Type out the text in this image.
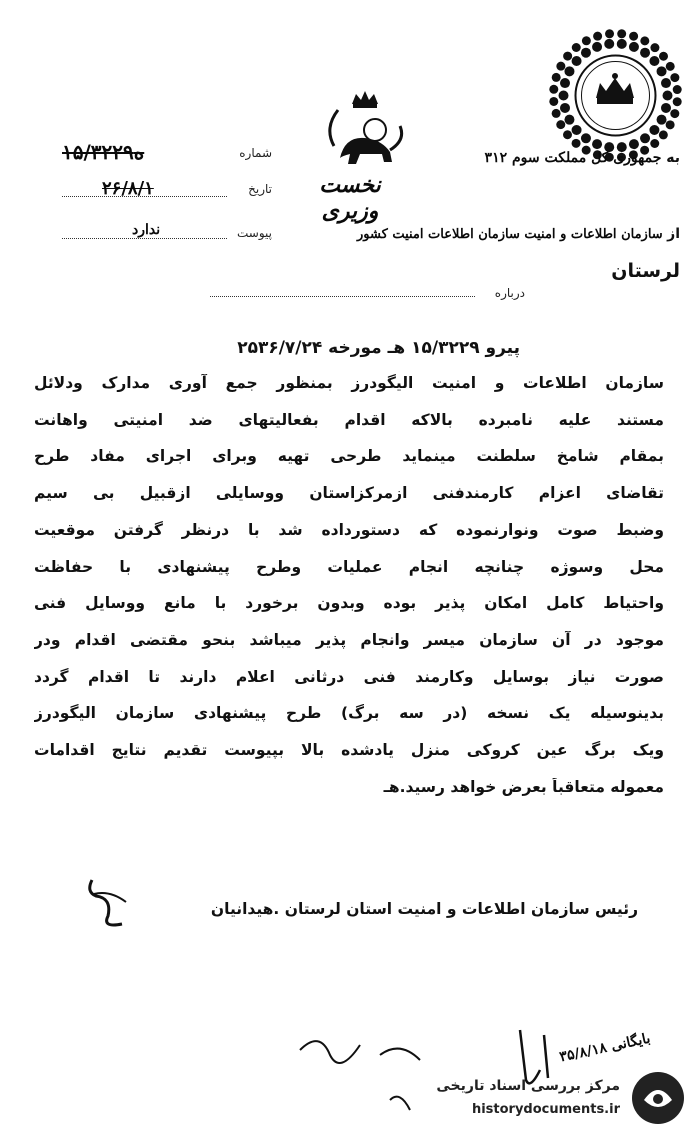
نخست وزیری
به جمهوری کل مملکت سوم ۳۱۲
۱۵/۳۲۲۹ه	شماره
۲۶/۸/۱	تاریخ
ندارد	پیوست	از سازمان اطلاعات و امنیت سازمان اطلاعات امنیت کشور
لرستان
درباره
پیرو ۱۵/۳۲۲۹ هـ مورخه ۲۵۳۶/۷/۲۴
سازمان اطلاعات و امنیت الیگودرز بمنظور جمع آوری مدارک ودلائل
مستند علیه نامبرده بالاکه اقدام بفعالیتهای ضد امنیتی واهانت
بمقام شامخ سلطنت مینماید طرحی تهیه وبرای اجرای مفاد طرح
تقاضای اعزام کارمندفنی ازمرکزاستان ووسایلی ازقبیل بی سیم
وضبط صوت ونوارنموده که دستورداده شد با درنظر گرفتن موقعیت
محل وسوژه چنانچه انجام عملیات وطرح پیشنهادی با حفاظت
واحتیاط کامل امکان پذیر بوده وبدون برخورد با مانع ووسایل فنی
موجود در آن سازمان میسر وانجام پذیر میباشد بنحو مقتضی اقدام ودر
صورت نیاز بوسایل وکارمند فنی درثانی اعلام دارند تا اقدام گردد
بدینوسیله یک نسخه (در سه برگ) طرح پیشنهادی سازمان الیگودرز
ویک برگ عین کروکی منزل یادشده بالا بپیوست تقدیم نتایج اقدامات
معموله متعاقباً بعرض خواهد رسید.هـ
رئیس سازمان اطلاعات و امنیت استان لرستان .هیدانیان
بایگانی ۳۵/۸/۱۸
مرکز بررسی اسناد تاریخی
historydocuments.ir
